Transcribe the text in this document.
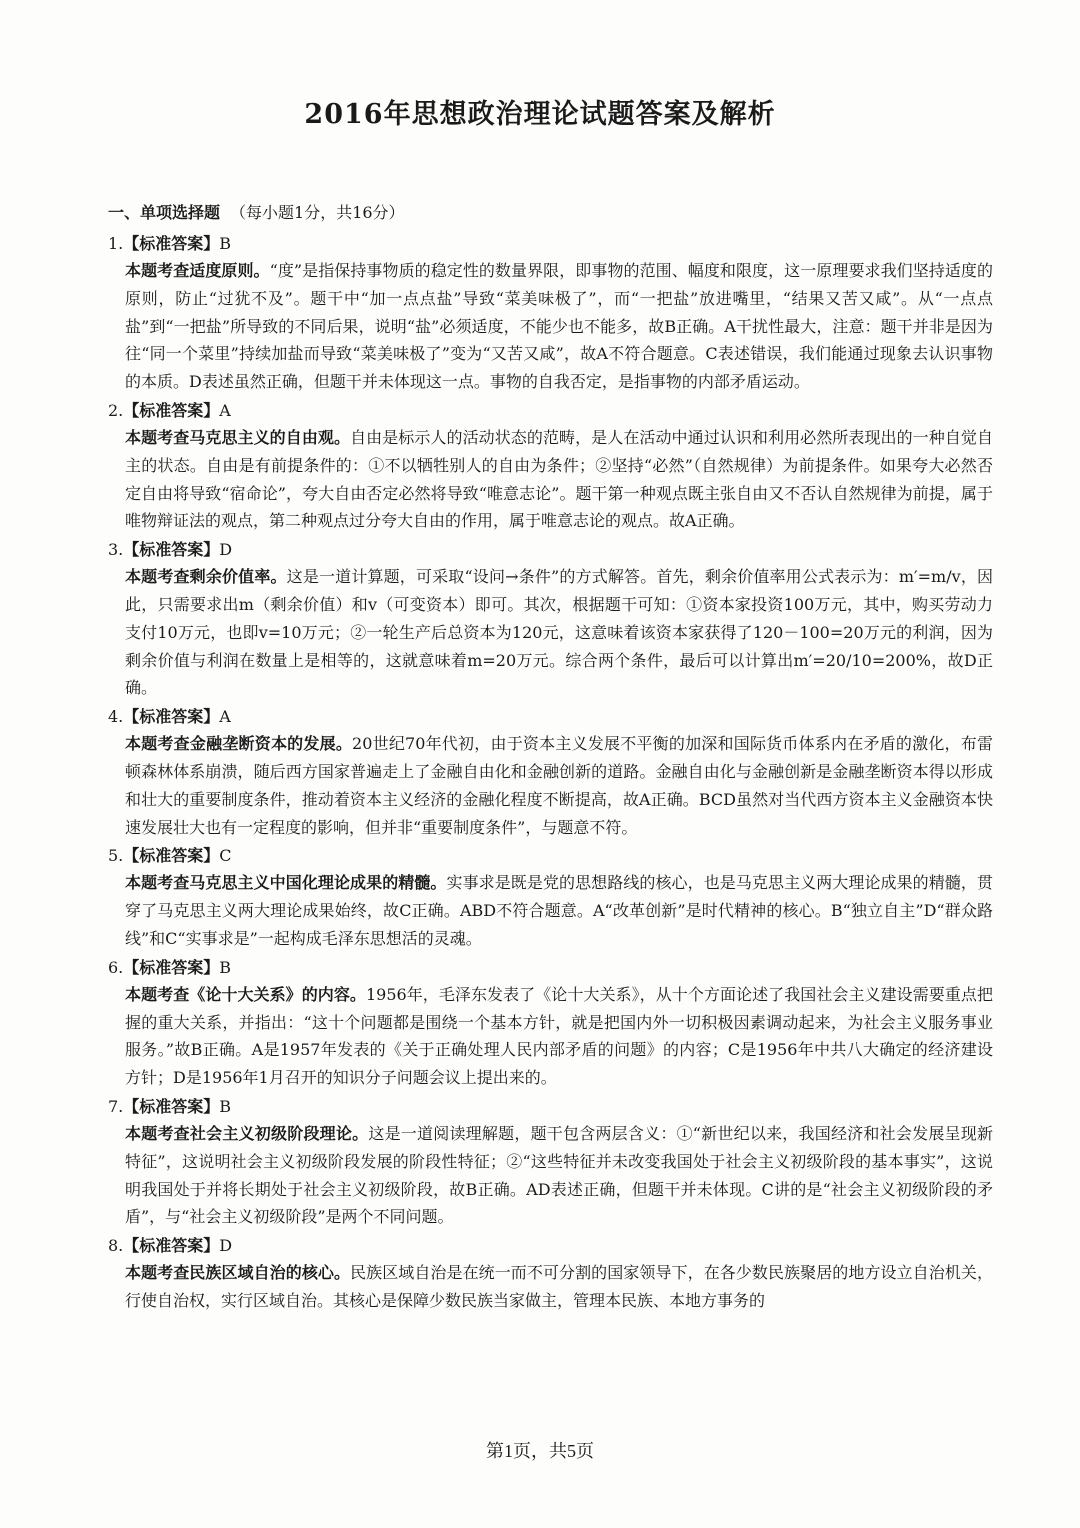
2016年思想政治理论试题答案及解析
一、单项选择题 （每小题1分，共16分）
1.【标准答案】B
本题考查适度原则。“度”是指保持事物质的稳定性的数量界限，即事物的范围、幅度和限度，这一原理要求我们坚持适度的原则，防止“过犹不及”。题干中“加一点点盐”导致“菜美味极了”，而“一把盐”放进嘴里，“结果又苦又咸”。从“一点点盐”到“一把盐”所导致的不同后果，说明“盐”必须适度，不能少也不能多，故B正确。A干扰性最大，注意：题干并非是因为往“同一个菜里”持续加盐而导致“菜美味极了”变为“又苦又咸”，故A不符合题意。C表述错误，我们能通过现象去认识事物的本质。D表述虽然正确，但题干并未体现这一点。事物的自我否定，是指事物的内部矛盾运动。
2.【标准答案】A
本题考查马克思主义的自由观。自由是标示人的活动状态的范畴，是人在活动中通过认识和利用必然所表现出的一种自觉自主的状态。自由是有前提条件的：①不以牺牲别人的自由为条件；②坚持“必然”（自然规律）为前提条件。如果夸大必然否定自由将导致“宿命论”，夸大自由否定必然将导致“唯意志论”。题干第一种观点既主张自由又不否认自然规律为前提，属于唯物辩证法的观点，第二种观点过分夸大自由的作用，属于唯意志论的观点。故A正确。
3.【标准答案】D
本题考查剩余价值率。这是一道计算题，可采取“设问→条件”的方式解答。首先，剩余价值率用公式表示为：m′=m/v，因此，只需要求出m（剩余价值）和v（可变资本）即可。其次，根据题干可知：①资本家投资100万元，其中，购买劳动力支付10万元，也即v=10万元；②一轮生产后总资本为120元，这意味着该资本家获得了120－100=20万元的利润，因为剩余价值与利润在数量上是相等的，这就意味着m=20万元。综合两个条件，最后可以计算出m′=20/10=200%，故D正确。
4.【标准答案】A
本题考查金融垄断资本的发展。20世纪70年代初，由于资本主义发展不平衡的加深和国际货币体系内在矛盾的激化，布雷顿森林体系崩溃，随后西方国家普遍走上了金融自由化和金融创新的道路。金融自由化与金融创新是金融垄断资本得以形成和壮大的重要制度条件，推动着资本主义经济的金融化程度不断提高，故A正确。BCD虽然对当代西方资本主义金融资本快速发展壮大也有一定程度的影响，但并非“重要制度条件”，与题意不符。
5.【标准答案】C
本题考查马克思主义中国化理论成果的精髓。实事求是既是党的思想路线的核心，也是马克思主义两大理论成果的精髓，贯穿了马克思主义两大理论成果始终，故C正确。ABD不符合题意。A“改革创新”是时代精神的核心。B“独立自主”D“群众路线”和C“实事求是”一起构成毛泽东思想活的灵魂。
6.【标准答案】B
本题考查《论十大关系》的内容。1956年，毛泽东发表了《论十大关系》，从十个方面论述了我国社会主义建设需要重点把握的重大关系，并指出：“这十个问题都是围绕一个基本方针，就是把国内外一切积极因素调动起来，为社会主义服务事业服务。”故B正确。A是1957年发表的《关于正确处理人民内部矛盾的问题》的内容；C是1956年中共八大确定的经济建设方针；D是1956年1月召开的知识分子问题会议上提出来的。
7.【标准答案】B
本题考查社会主义初级阶段理论。这是一道阅读理解题，题干包含两层含义：①“新世纪以来，我国经济和社会发展呈现新特征”，这说明社会主义初级阶段发展的阶段性特征；②“这些特征并未改变我国处于社会主义初级阶段的基本事实”，这说明我国处于并将长期处于社会主义初级阶段，故B正确。AD表述正确，但题干并未体现。C讲的是“社会主义初级阶段的矛盾”，与“社会主义初级阶段”是两个不同问题。
8.【标准答案】D
本题考查民族区域自治的核心。民族区域自治是在统一而不可分割的国家领导下，在各少数民族聚居的地方设立自治机关，行使自治权，实行区域自治。其核心是保障少数民族当家做主，管理本民族、本地方事务的
第1页，共5页
